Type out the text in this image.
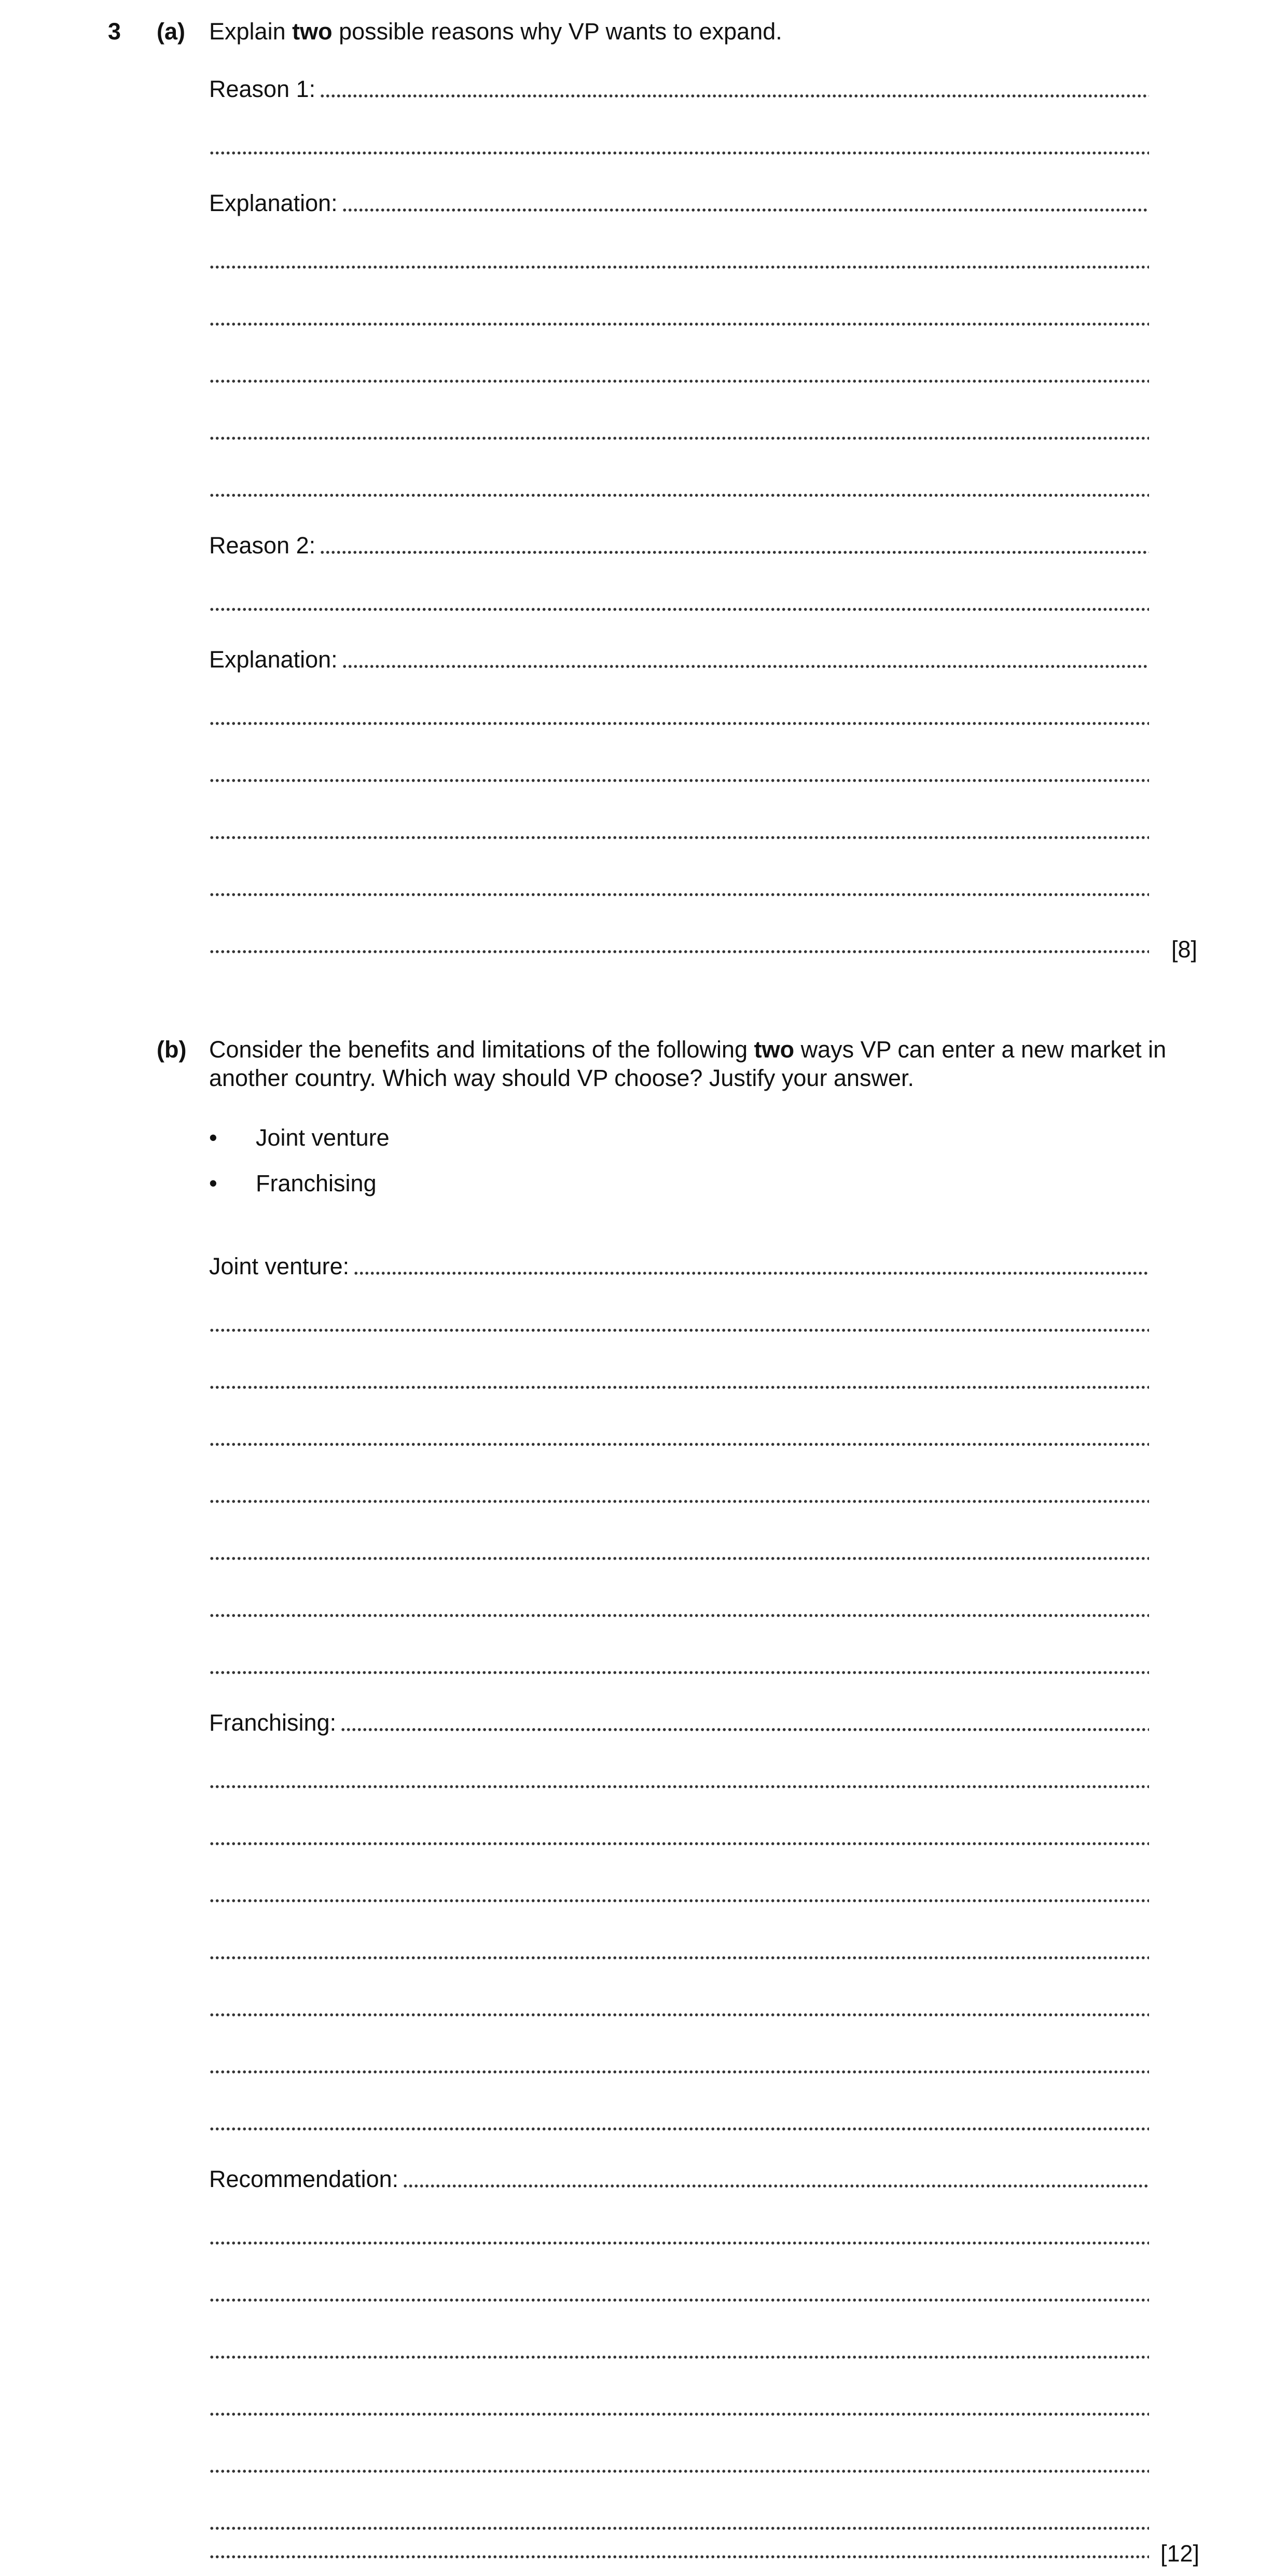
3 (a) Explain two possible reasons why VP wants to expand.
Reason 1:
Explanation:
Reason 2:
Explanation:
[8]
(b) Consider the benefits and limitations of the following two ways VP can enter a new market in
another country. Which way should VP choose? Justify your answer.
• Joint venture
• Franchising
Joint venture:
Franchising:
Recommendation:
[12]
